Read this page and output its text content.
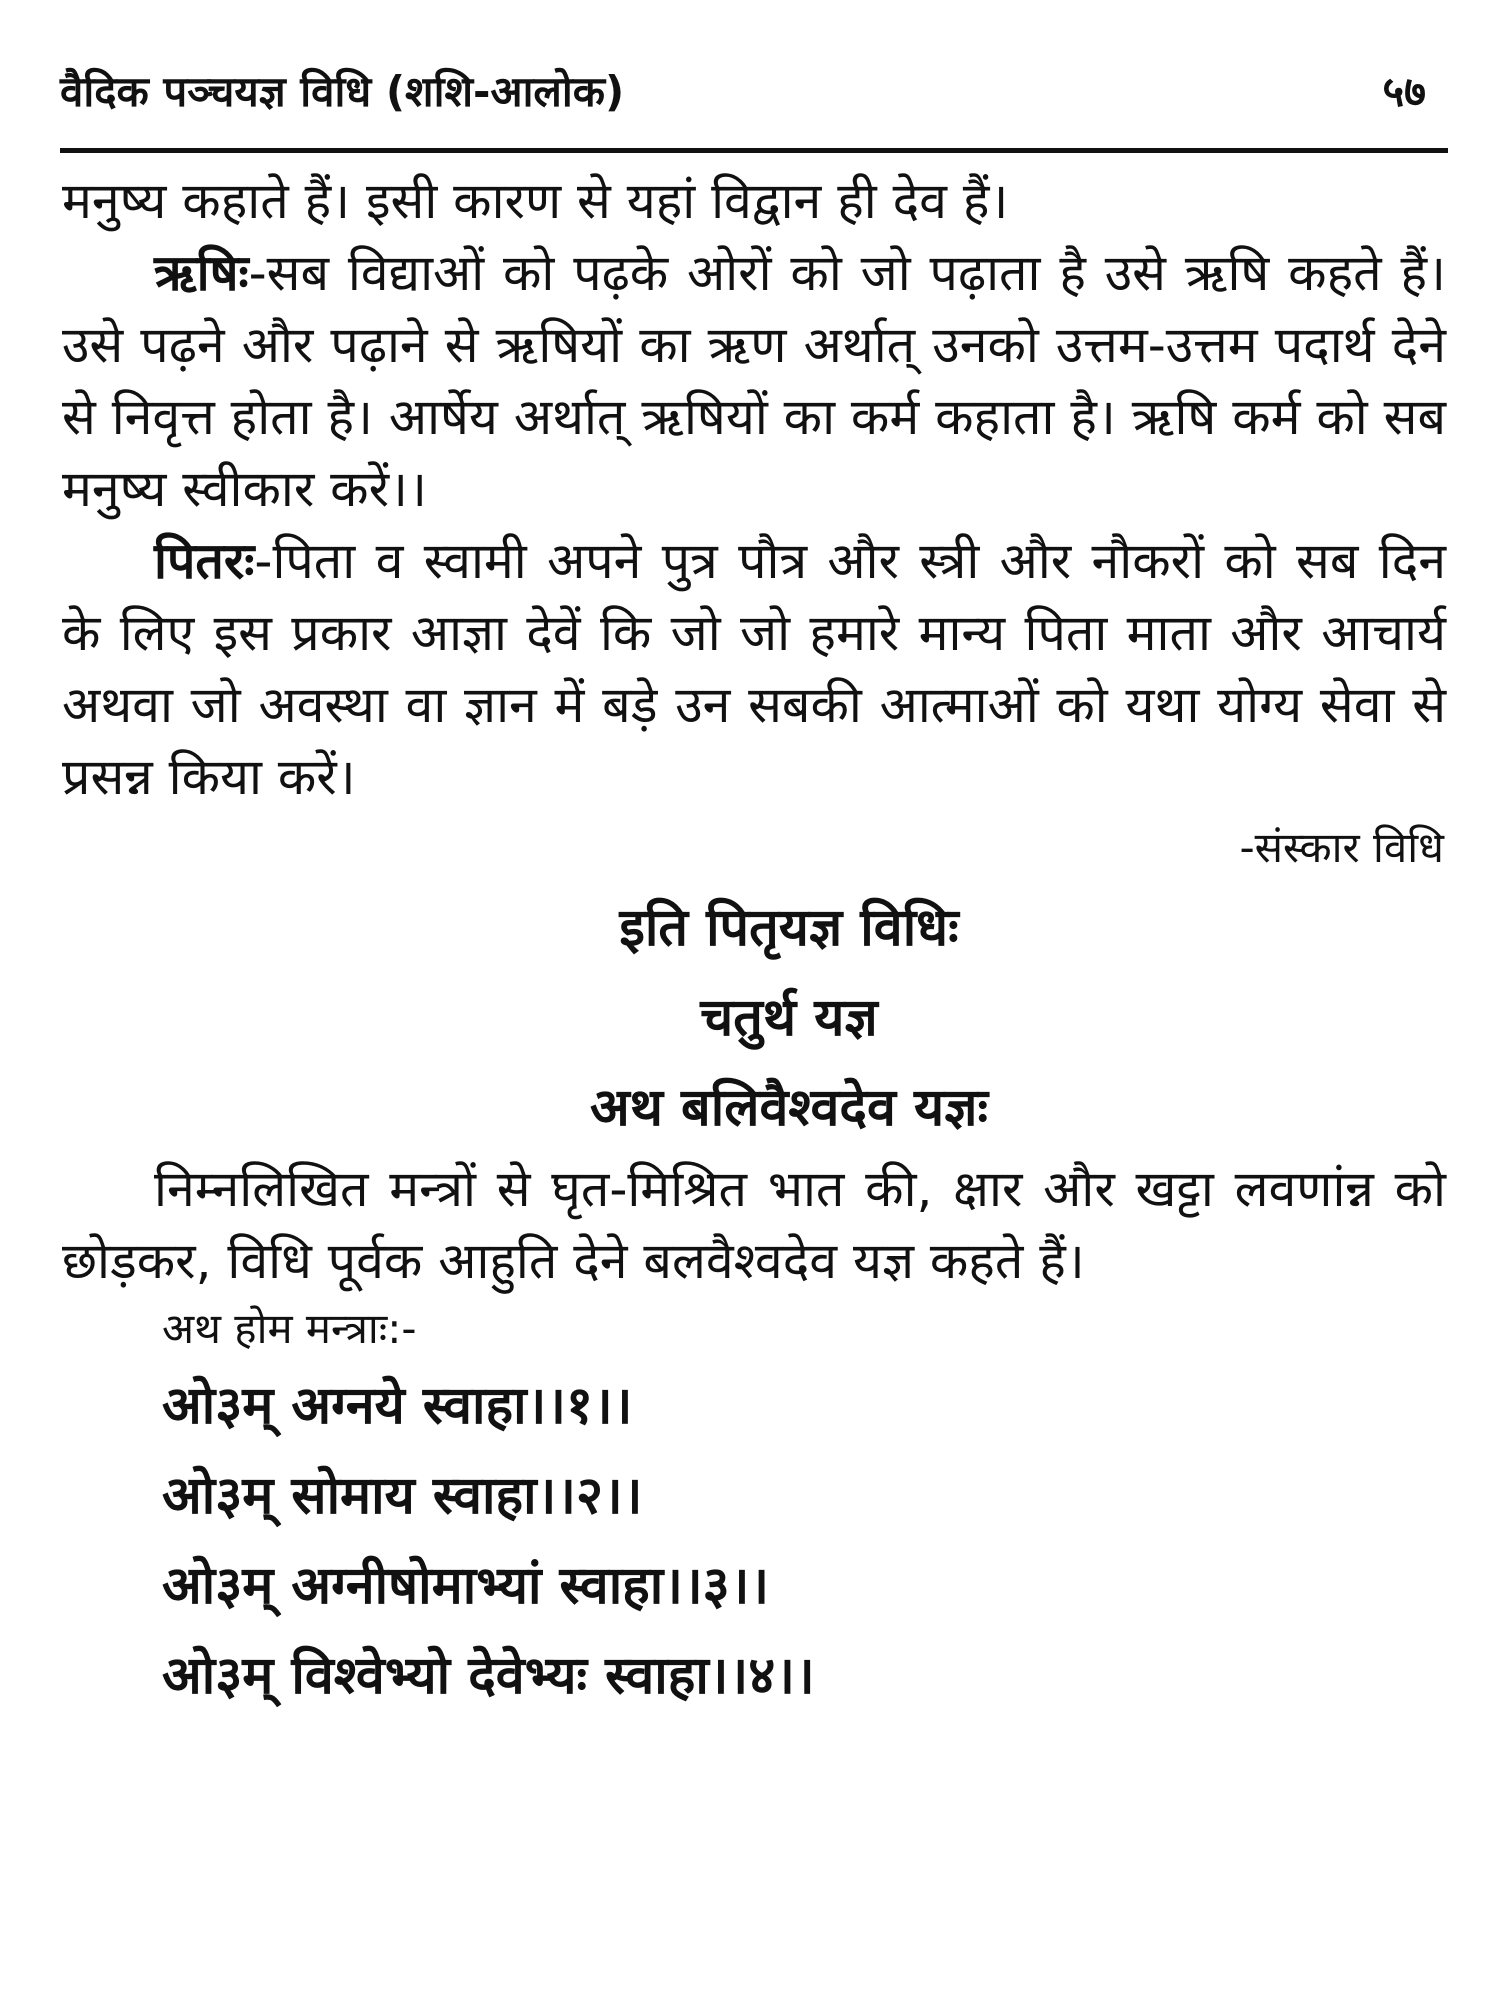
वैदिक पञ्चयज्ञ विधि (शशि-आलोक)	५७

मनुष्य कहाते हैं। इसी कारण से यहां विद्वान ही देव हैं।

ऋषिः-सब विद्याओं को पढ़के ओरों को जो पढ़ाता है उसे ऋषि कहते हैं। उसे पढ़ने और पढ़ाने से ऋषियों का ऋण अर्थात् उनको उत्तम-उत्तम पदार्थ देने से निवृत्त होता है। आर्षेय अर्थात् ऋषियों का कर्म कहाता है। ऋषि कर्म को सब मनुष्य स्वीकार करें।।

पितरः-पिता व स्वामी अपने पुत्र पौत्र और स्त्री और नौकरों को सब दिन के लिए इस प्रकार आज्ञा देवें कि जो जो हमारे मान्य पिता माता और आचार्य अथवा जो अवस्था वा ज्ञान में बड़े उन सबकी आत्माओं को यथा योग्य सेवा से प्रसन्न किया करें।

-संस्कार विधि

इति पितृयज्ञ विधिः

चतुर्थ यज्ञ

अथ बलिवैश्वदेव यज्ञः

निम्नलिखित मन्त्रों से घृत-मिश्रित भात की, क्षार और खट्टा लवणांन्न को छोड़कर, विधि पूर्वक आहुति देने बलवैश्वदेव यज्ञ कहते हैं।

अथ होम मन्त्राः:-

ओ३म् अग्नये स्वाहा।।१।।

ओ३म् सोमाय स्वाहा।।२।।

ओ३म् अग्नीषोमाभ्यां स्वाहा।।३।।

ओ३म् विश्वेभ्यो देवेभ्यः स्वाहा।।४।।
